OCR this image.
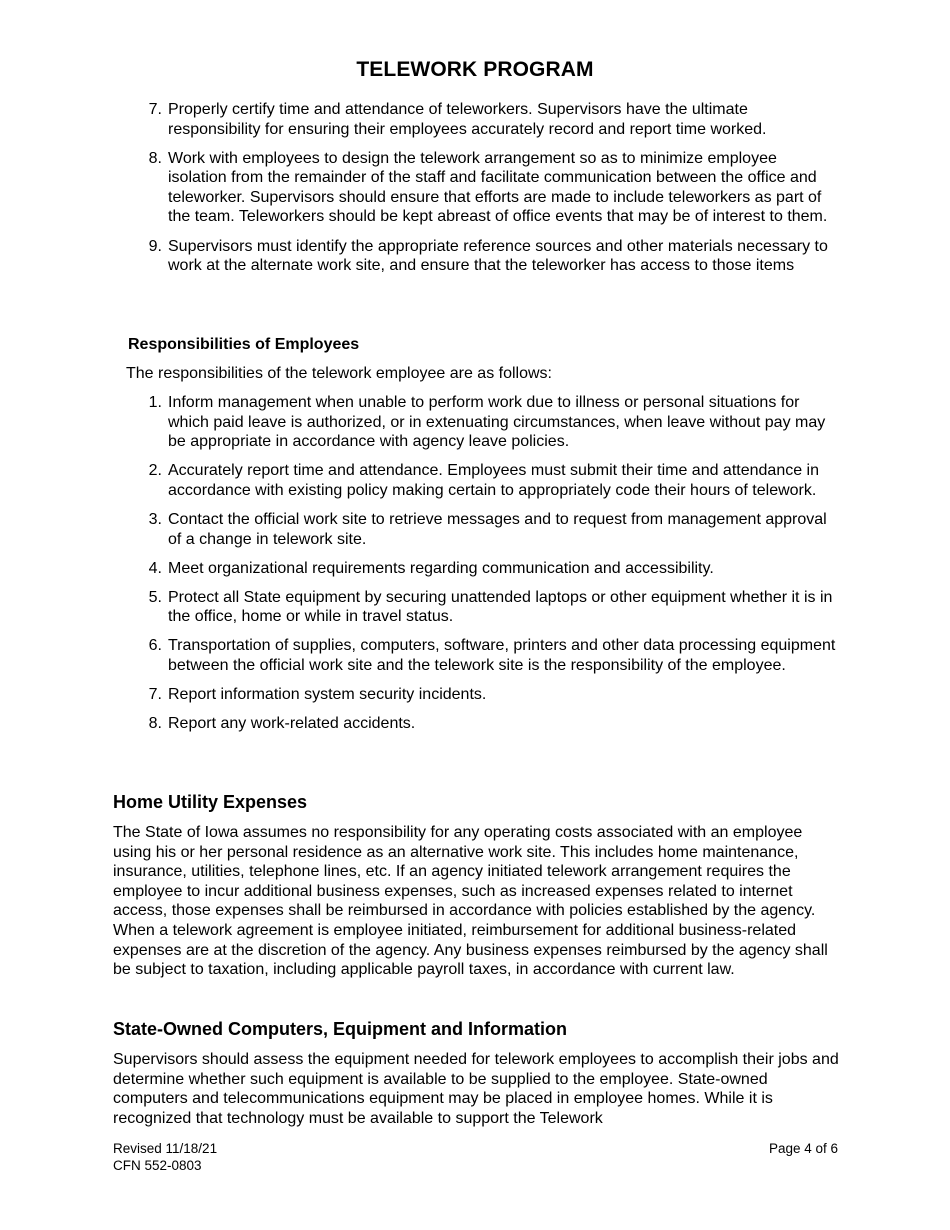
TELEWORK PROGRAM
7. Properly certify time and attendance of teleworkers. Supervisors have the ultimate responsibility for ensuring their employees accurately record and report time worked.
8. Work with employees to design the telework arrangement so as to minimize employee isolation from the remainder of the staff and facilitate communication between the office and teleworker. Supervisors should ensure that efforts are made to include teleworkers as part of the team. Teleworkers should be kept abreast of office events that may be of interest to them.
9. Supervisors must identify the appropriate reference sources and other materials necessary to work at the alternate work site, and ensure that the teleworker has access to those items
Responsibilities of Employees
The responsibilities of the telework employee are as follows:
1. Inform management when unable to perform work due to illness or personal situations for which paid leave is authorized, or in extenuating circumstances, when leave without pay may be appropriate in accordance with agency leave policies.
2. Accurately report time and attendance. Employees must submit their time and attendance in accordance with existing policy making certain to appropriately code their hours of telework.
3. Contact the official work site to retrieve messages and to request from management approval of a change in telework site.
4. Meet organizational requirements regarding communication and accessibility.
5. Protect all State equipment by securing unattended laptops or other equipment whether it is in the office, home or while in travel status.
6. Transportation of supplies, computers, software, printers and other data processing equipment between the official work site and the telework site is the responsibility of the employee.
7. Report information system security incidents.
8. Report any work-related accidents.
Home Utility Expenses
The State of Iowa assumes no responsibility for any operating costs associated with an employee using his or her personal residence as an alternative work site. This includes home maintenance, insurance, utilities, telephone lines, etc. If an agency initiated telework arrangement requires the employee to incur additional business expenses, such as increased expenses related to internet access, those expenses shall be reimbursed in accordance with policies established by the agency. When a telework agreement is employee initiated, reimbursement for additional business-related expenses are at the discretion of the agency. Any business expenses reimbursed by the agency shall be subject to taxation, including applicable payroll taxes, in accordance with current law.
State-Owned Computers, Equipment and Information
Supervisors should assess the equipment needed for telework employees to accomplish their jobs and determine whether such equipment is available to be supplied to the employee. State-owned computers and telecommunications equipment may be placed in employee homes. While it is recognized that technology must be available to support the Telework
Revised 11/18/21
CFN 552-0803
Page 4 of 6
